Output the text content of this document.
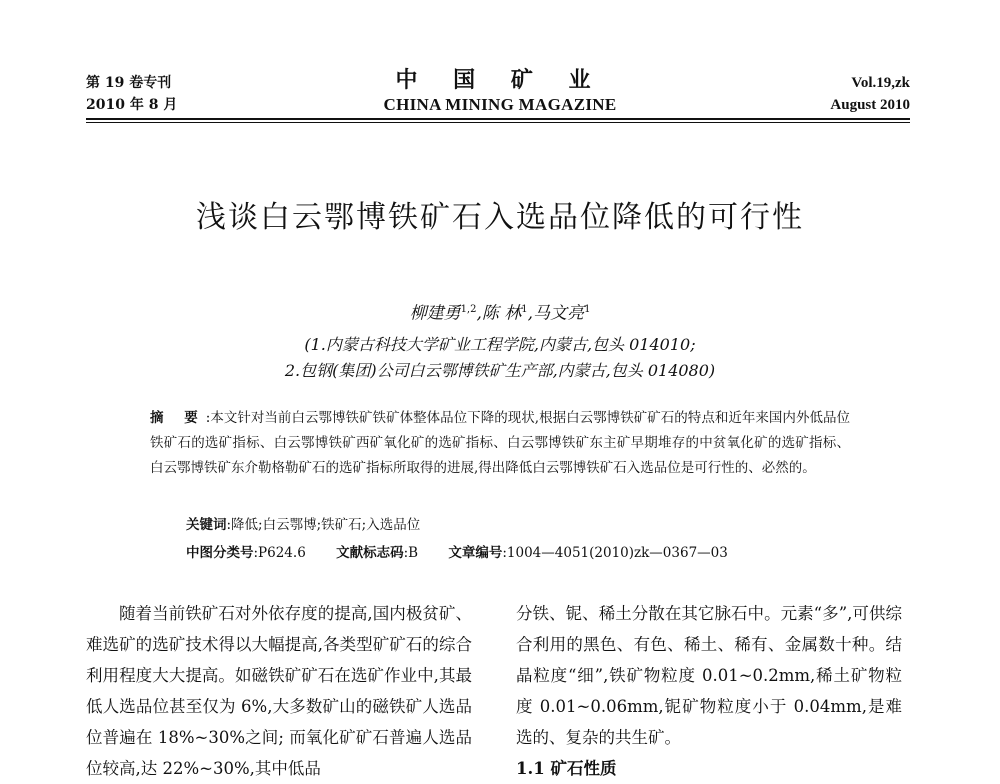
第 19 卷专刊
2010 年 8 月
中 国 矿 业
CHINA MINING MAGAZINE
Vol.19,zk
August 2010
浅谈白云鄂博铁矿石入选品位降低的可行性
柳建勇$^{1,2}$,陈 林$^1$,马文亮$^1$
(1.内蒙古科技大学矿业工程学院,内蒙古,包头 014010;
2.包钢(集团)公司白云鄂博铁矿生产部,内蒙古,包头 014080)
摘 要:本文针对当前白云鄂博铁矿铁矿体整体品位下降的现状,根据白云鄂博铁矿矿石的特点和近年来国内外低品位铁矿石的选矿指标、白云鄂博铁矿西矿氧化矿的选矿指标、白云鄂博铁矿东主矿早期堆存的中贫氧化矿的选矿指标、白云鄂博铁矿东介勒格勒矿石的选矿指标所取得的进展,得出降低白云鄂博铁矿石入选品位是可行性的、必然的。
关键词:降低;白云鄂博;铁矿石;入选品位
中图分类号:P624.6 文献标志码:B 文章编号:1004—4051(2010)zk—0367—03

随着当前铁矿石对外依存度的提高,国内极贫矿、难选矿的选矿技术得以大幅提高,各类型矿矿石的综合利用程度大大提高。如磁铁矿矿石在选矿作业中,其最低人选品位甚至仅为 6%,大多数矿山的磁铁矿人选品位普遍在 18%~30%之间; 而氧化矿矿石普遍人选品位较高,达 22%~30%,其中低品

分铁、铌、稀土分散在其它脉石中。元素“多”,可供综合利用的黑色、有色、稀土、稀有、金属数十种。结晶粒度“细”,铁矿物粒度 0.01~0.2mm,稀土矿物粒度 0.01~0.06mm,铌矿物粒度小于 0.04mm,是难选的、复杂的共生矿。

1.1 矿石性质
